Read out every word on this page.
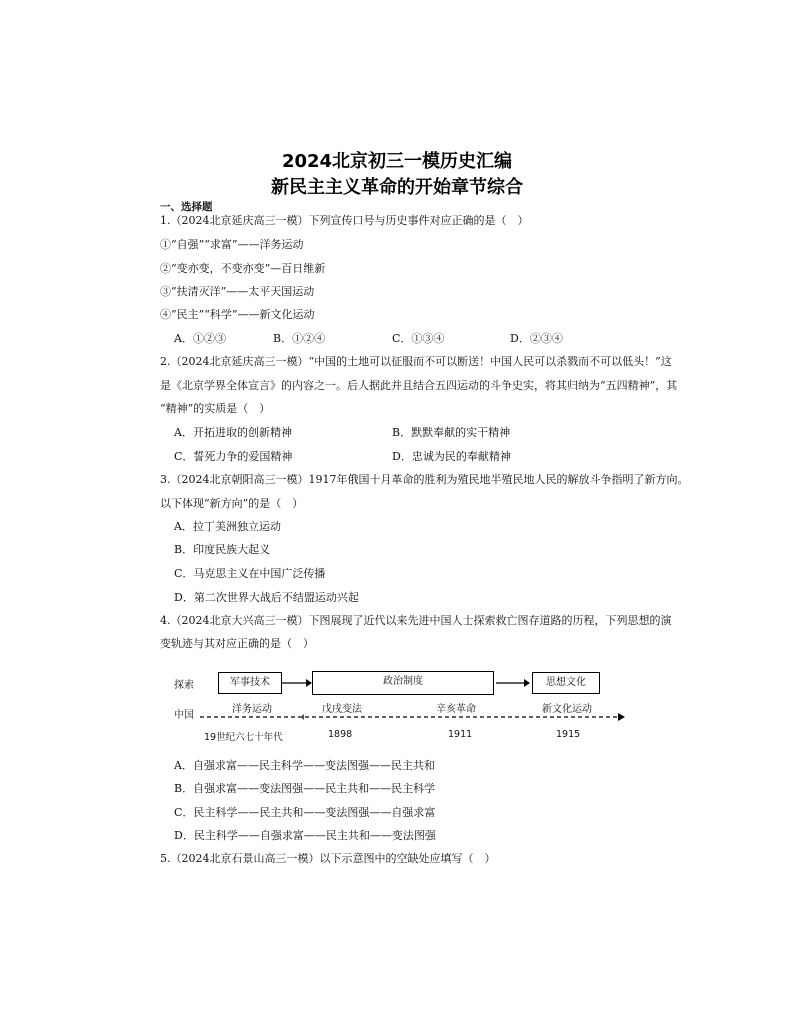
2024北京初三一模历史汇编
新民主主义革命的开始章节综合
一、选择题
1.（2024北京延庆高三一模）下列宣传口号与历史事件对应正确的是（　）
①“自强”“求富”——洋务运动
②“变亦变，不变亦变”—百日维新
③“扶清灭洋”——太平天国运动
④“民主”“科学”——新文化运动
A．①②③	B．①②④	C．①③④	D．②③④
2.（2024北京延庆高三一模）“中国的土地可以征服而不可以断送！中国人民可以杀戮而不可以低头！”这
是《北京学界全体宣言》的内容之一。后人据此并且结合五四运动的斗争史实，将其归纳为“五四精神”，其
“精神”的实质是（　）
A．开拓进取的创新精神	B．默默奉献的实干精神
C．誓死力争的爱国精神	D．忠诚为民的奉献精神
3.（2024北京朝阳高三一模）1917年俄国十月革命的胜利为殖民地半殖民地人民的解放斗争指明了新方向。
以下体现“新方向”的是（　）
A．拉丁美洲独立运动
B．印度民族大起义
C．马克思主义在中国广泛传播
D．第二次世界大战后不结盟运动兴起
4.（2024北京大兴高三一模）下图展现了近代以来先进中国人士探索救亡图存道路的历程，下列思想的演
变轨迹与其对应正确的是（　）
探索	军事技术	政治制度	思想文化
中国
洋务运动	戊戌变法	辛亥革命	新文化运动
19世纪六七十年代	1898	1911	1915
A．自强求富——民主科学——变法图强——民主共和
B．自强求富——变法图强——民主共和——民主科学
C．民主科学——民主共和——变法图强——自强求富
D．民主科学——自强求富——民主共和——变法图强
5.（2024北京石景山高三一模）以下示意图中的空缺处应填写（　）
